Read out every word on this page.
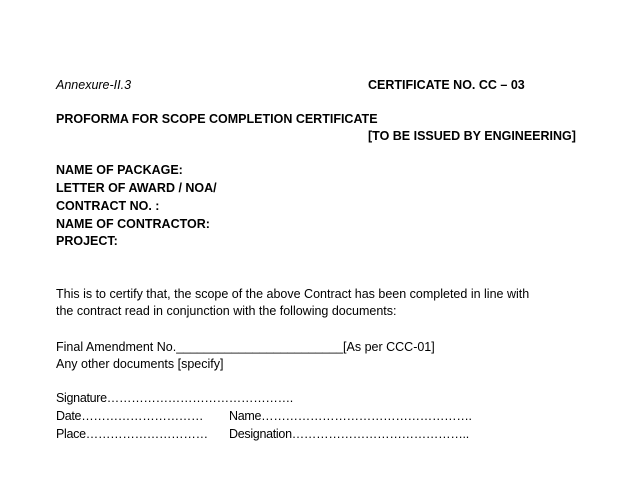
Annexure-II.3	CERTIFICATE NO. CC – 03
PROFORMA FOR SCOPE COMPLETION CERTIFICATE
[TO BE ISSUED BY ENGINEERING]
NAME OF PACKAGE:
LETTER OF AWARD / NOA/
CONTRACT NO. :
NAME OF CONTRACTOR:
PROJECT:
This is to certify that, the scope of the above Contract has been completed in line with
the contract read in conjunction with the following documents:
Final Amendment No.________________________[As per CCC-01]
Any other documents [specify]
Signature……………………………………….
Date………………………… Name…………………………………………….
Place………………………… Designation……………………………………..
